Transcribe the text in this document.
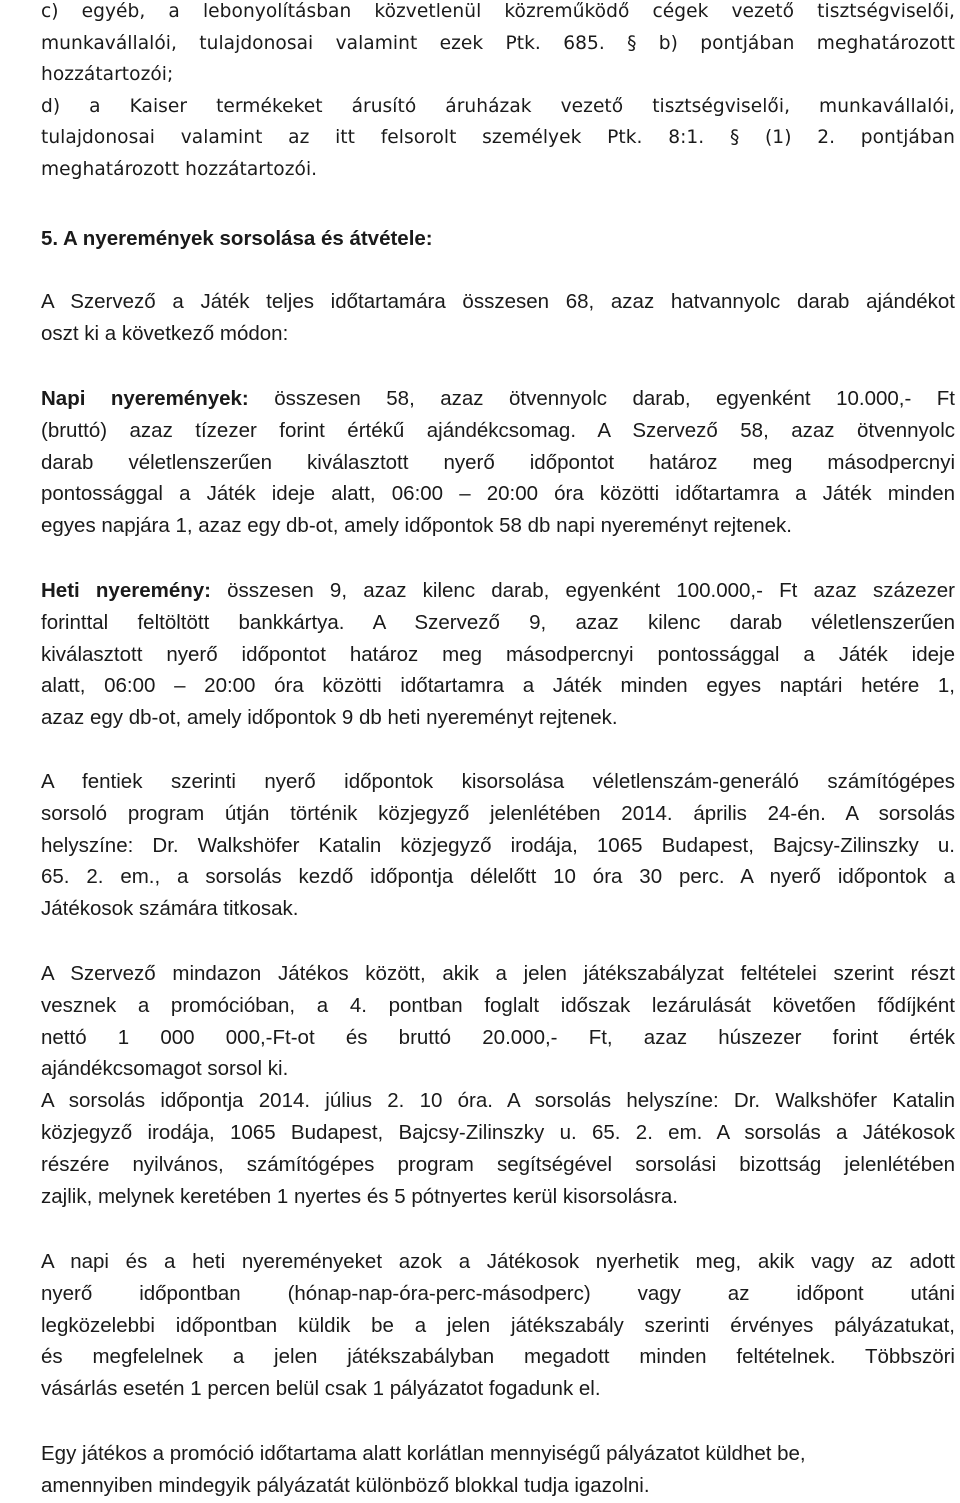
c) egyéb, a lebonyolításban közvetlenül közreműködő cégek vezető tisztségviselői,
munkavállalói, tulajdonosai valamint ezek Ptk. 685. § b) pontjában meghatározott
hozzátartozói;
d) a Kaiser termékeket árusító áruházak vezető tisztségviselői, munkavállalói,
tulajdonosai valamint az itt felsorolt személyek Ptk. 8:1. § (1) 2. pontjában
meghatározott hozzátartozói.
5. A nyeremények sorsolása és átvétele:
A Szervező a Játék teljes időtartamára összesen 68, azaz hatvannyolc darab ajándékot
oszt ki a következő módon:
Napi nyeremények: összesen 58, azaz ötvennyolc darab, egyenként 10.000,- Ft
(bruttó) azaz tízezer forint értékű ajándékcsomag. A Szervező 58, azaz ötvennyolc
darab véletlenszerűen kiválasztott nyerő időpontot határoz meg másodpercnyi
pontossággal a Játék ideje alatt, 06:00 – 20:00 óra közötti időtartamra a Játék minden
egyes napjára 1, azaz egy db-ot, amely időpontok 58 db napi nyereményt rejtenek.
Heti nyeremény: összesen 9, azaz kilenc darab, egyenként 100.000,- Ft azaz százezer
forinttal feltöltött bankkártya. A Szervező 9, azaz kilenc darab véletlenszerűen
kiválasztott nyerő időpontot határoz meg másodpercnyi pontossággal a Játék ideje
alatt, 06:00 – 20:00 óra közötti időtartamra a Játék minden egyes naptári hetére 1,
azaz egy db-ot, amely időpontok 9 db heti nyereményt rejtenek.
A fentiek szerinti nyerő időpontok kisorsolása véletlenszám-generáló számítógépes
sorsoló program útján történik közjegyző jelenlétében 2014. április 24-én. A sorsolás
helyszíne: Dr. Walkshöfer Katalin közjegyző irodája, 1065 Budapest, Bajcsy-Zilinszky u.
65. 2. em., a sorsolás kezdő időpontja délelőtt 10 óra 30 perc. A nyerő időpontok a
Játékosok számára titkosak.
A Szervező mindazon Játékos között, akik a jelen játékszabályzat feltételei szerint részt
vesznek a promócióban, a 4. pontban foglalt időszak lezárulását követően fődíjként
nettó 1 000 000,-Ft-ot és bruttó 20.000,- Ft, azaz húszezer forint érték
ajándékcsomagot sorsol ki.
A sorsolás időpontja 2014. július 2. 10 óra. A sorsolás helyszíne: Dr. Walkshöfer Katalin
közjegyző irodája, 1065 Budapest, Bajcsy-Zilinszky u. 65. 2. em. A sorsolás a Játékosok
részére nyilvános, számítógépes program segítségével sorsolási bizottság jelenlétében
zajlik, melynek keretében 1 nyertes és 5 pótnyertes kerül kisorsolásra.
A napi és a heti nyereményeket azok a Játékosok nyerhetik meg, akik vagy az adott
nyerő időpontban (hónap-nap-óra-perc-másodperc) vagy az időpont utáni
legközelebbi időpontban küldik be a jelen játékszabály szerinti érvényes pályázatukat,
és megfelelnek a jelen játékszabályban megadott minden feltételnek. Többszöri
vásárlás esetén 1 percen belül csak 1 pályázatot fogadunk el.
Egy játékos a promóció időtartama alatt korlátlan mennyiségű pályázatot küldhet be,
amennyiben mindegyik pályázatát különböző blokkal tudja igazolni.
